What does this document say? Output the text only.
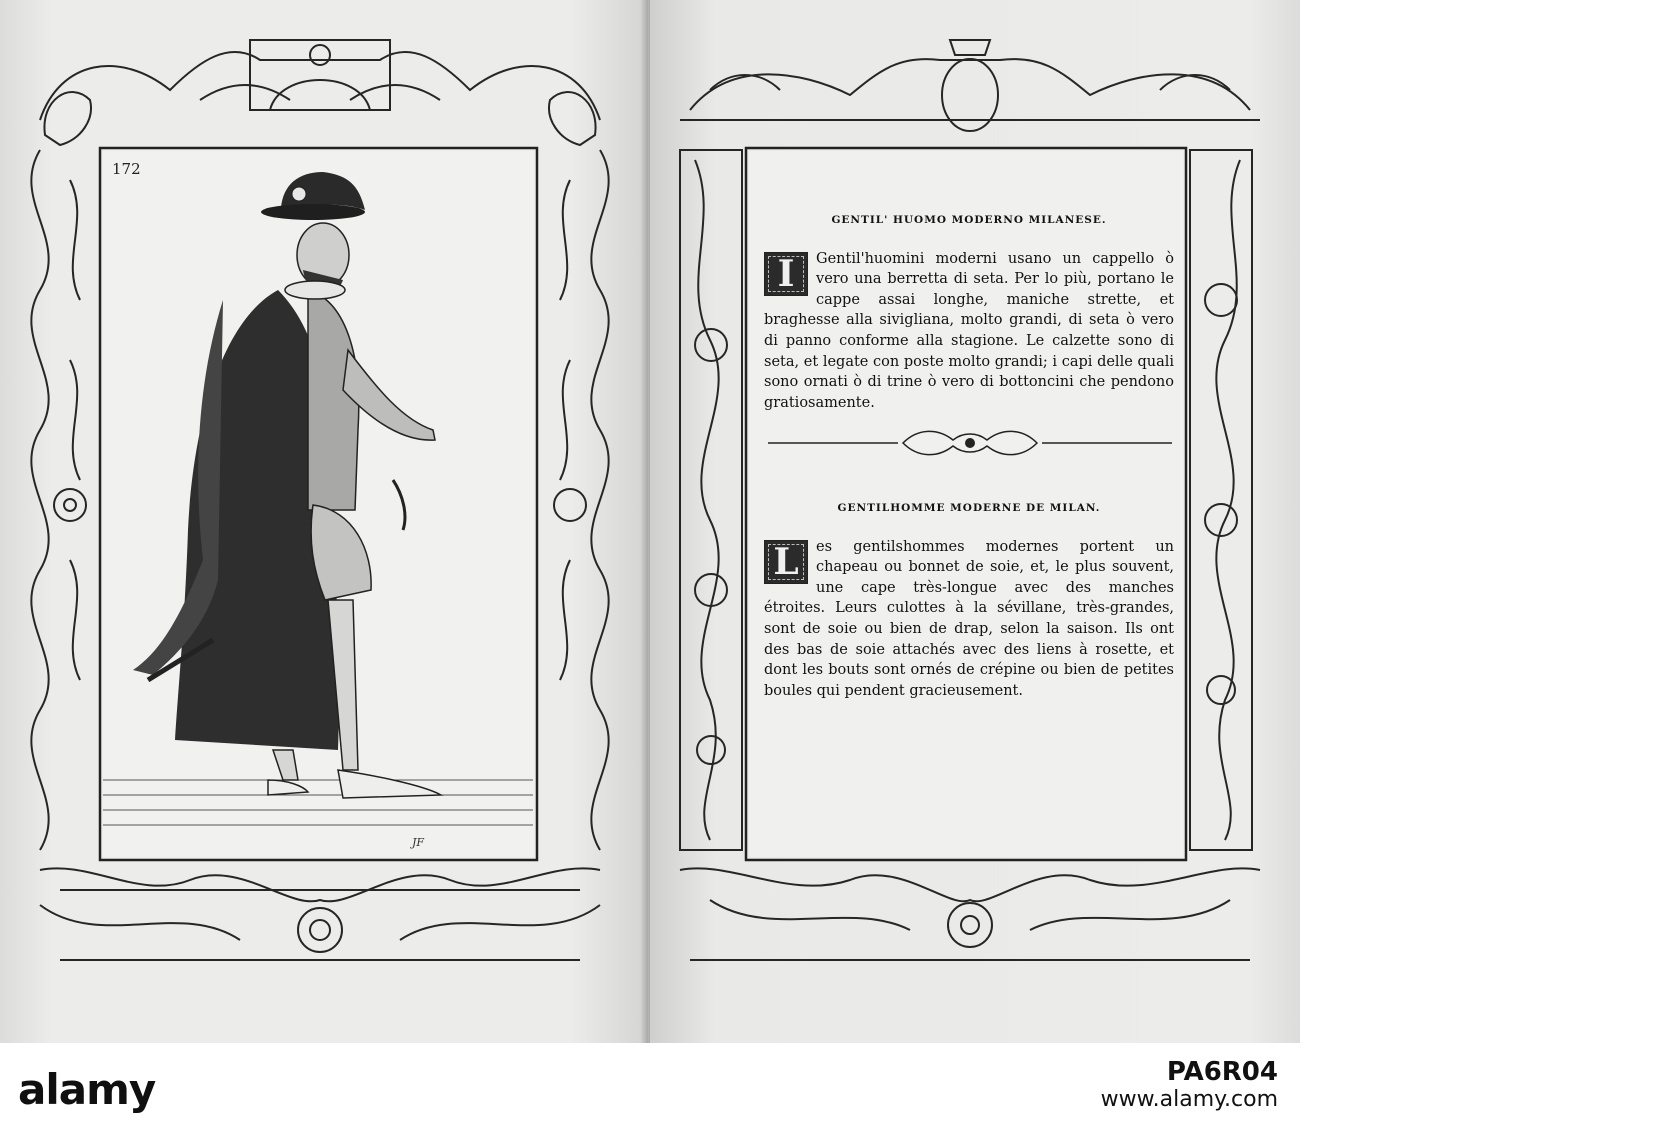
172
JF
alamy
GENTIL' HUOMO MODERNO MILANESE.
I	Gentil'huomini moderni usano un cappello ò vero una berretta di seta. Per lo più, portano le cappe assai longhe, maniche strette, et braghesse alla sivigliana, molto grandi, di seta ò vero di panno conforme alla stagione. Le calzette sono di seta, et legate con poste molto grandi; i capi delle quali sono ornati ò di trine ò vero di bottoncini che pendono gratiosamente.
GENTILHOMME MODERNE DE MILAN.
L	es gentilshommes modernes portent un chapeau ou bonnet de soie, et, le plus souvent, une cape très-longue avec des manches étroites. Leurs culottes à la sévillane, très-grandes, sont de soie ou bien de drap, selon la saison. Ils ont des bas de soie attachés avec des liens à rosette, et dont les bouts sont ornés de crépine ou bien de petites boules qui pendent gracieusement.
alamy	PA6R04
www.alamy.com
